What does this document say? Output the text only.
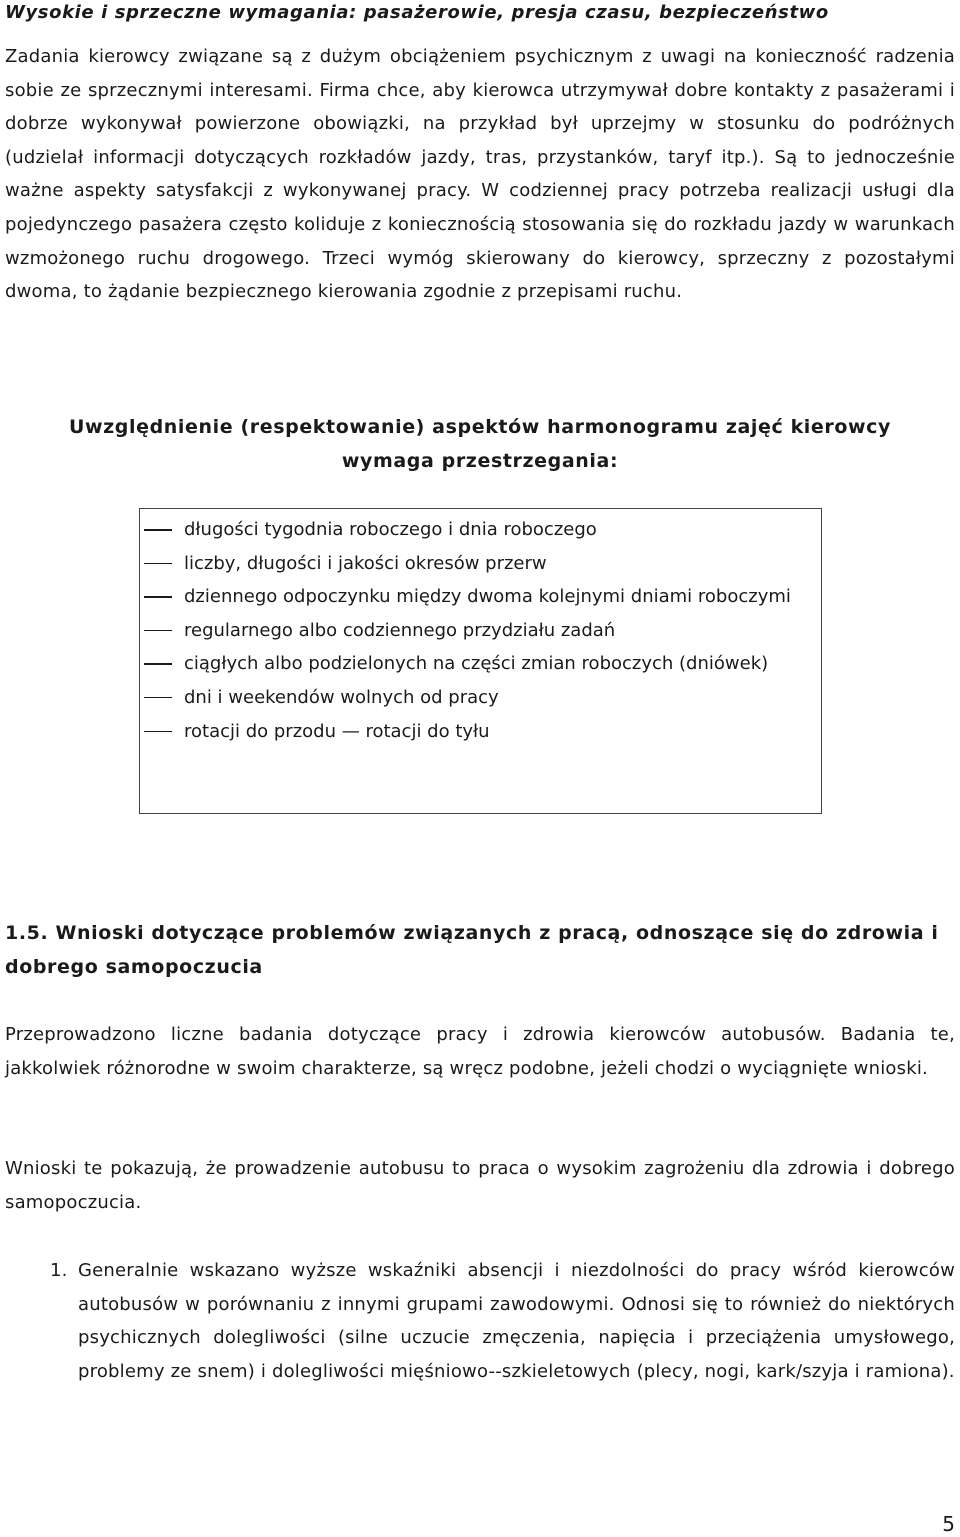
Wysokie i sprzeczne wymagania: pasażerowie, presja czasu, bezpieczeństwo

Zadania kierowcy związane są z dużym obciążeniem psychicznym z uwagi na konieczność radzenia sobie ze sprzecznymi interesami. Firma chce, aby kierowca utrzymywał dobre kontakty z pasażerami i dobrze wykonywał powierzone obowiązki, na przykład był uprzejmy w stosunku do podróżnych (udzielał informacji dotyczących rozkładów jazdy, tras, przystanków, taryf itp.). Są to jednocześnie ważne aspekty satysfakcji z wykonywanej pracy. W codziennej pracy potrzeba realizacji usługi dla pojedynczego pasażera często koliduje z koniecznością stosowania się do rozkładu jazdy w warunkach wzmożonego ruchu drogowego. Trzeci wymóg skierowany do kierowcy, sprzeczny z pozostałymi dwoma, to żądanie bezpiecznego kierowania zgodnie z przepisami ruchu.

Uwzględnienie (respektowanie) aspektów harmonogramu zajęć kierowcy wymaga przestrzegania:
długości tygodnia roboczego i dnia roboczego
liczby, długości i jakości okresów przerw
dziennego odpoczynku między dwoma kolejnymi dniami roboczymi
regularnego albo codziennego przydziału zadań
ciągłych albo podzielonych na części zmian roboczych (dniówek)
dni i weekendów wolnych od pracy
rotacji do przodu — rotacji do tyłu
1.5. Wnioski dotyczące problemów związanych z pracą, odnoszące się do zdrowia i dobrego samopoczucia

Przeprowadzono liczne badania dotyczące pracy i zdrowia kierowców autobusów. Badania te, jakkolwiek różnorodne w swoim charakterze, są wręcz podobne, jeżeli chodzi o wyciągnięte wnioski.

Wnioski te pokazują, że prowadzenie autobusu to praca o wysokim zagrożeniu dla zdrowia i dobrego samopoczucia.

1. Generalnie wskazano wyższe wskaźniki absencji i niezdolności do pracy wśród kierowców autobusów w porównaniu z innymi grupami zawodowymi. Odnosi się to również do niektórych psychicznych dolegliwości (silne uczucie zmęczenia, napięcia i przeciążenia umysłowego, problemy ze snem) i dolegliwości mięśniowo--szkieletowych (plecy, nogi, kark/szyja i ramiona).
5
